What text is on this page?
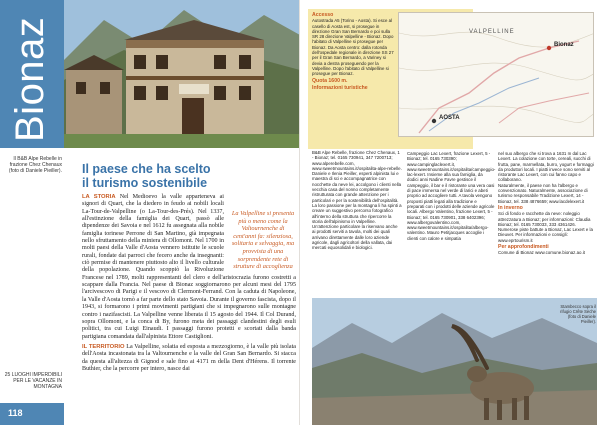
Bionaz
Il B&B Alpe Rebelle in frazione Chez Chenaux (foto di Daniele Pieiller). Il paese che ha scelto
il turismo sostenibile

La Valpelline si presenta più o meno come la Valtournenche di cent'anni fa: silenziosa, solitaria e selvaggia, ma provvista di una sorprendente rete di strutture di accoglienza
LA STORIA Nel Medioevo la valle apparteneva ai signori di Quart, che la diedero in feudo ai nobili locali La-Tour-de-Valpelline (o La-Tour-des-Prés). Nel 1337, all'estinzione della famiglia dei Quart, passò alle dipendenze dei Savoia e nel 1612 fu assegnata alla nobile famiglia torinese Perrone di San Martino, già impegnata nello sfruttamento della miniera di Ollomont. Nel 1700 in molti paesi della Valle d'Aosta vennero istituite le scuole rurali, fondate dai parroci che fecero anche da insegnanti: ciò permise di mantenere piuttosto alto il livello culturale della popolazione. Quando scoppiò la Rivoluzione Francese nel 1789, molti rappresentanti del clero e dell'aristocrazia furono costretti a scappare dalla Francia. Nel paese di Bionaz soggiornarono per alcuni mesi del 1795 l'arcivescovo di Parigi e il vescovo di Clermont-Ferrand. Con la caduta di Napoleone, la Valle d'Aosta tornò a far parte dello stato Savoia. Durante il governo fascista, dopo il 1943, si formarono i primi movimenti partigiani che si impegnarono sulle montagne contro i nazifascisti. La Valpelline venne liberata il 15 agosto del 1944. Il Col Durand, sopra Ollomont, e la conca di By, furono meta dei passaggi clandestini degli esuli politici, tra cui Luigi Einaudi. I passaggi furono protetti e scortati dalla banda partigiana comandata dall'alpinista Ettore Castiglioni.

IL TERRITORIO La Valpelline, solatia ed esposta a mezzogiorno, è la valle più isolata dell'Aosta incastonata tra la Valtournenche e la valle del Gran San Bernardo. Si stacca da questa all'altezza di Gignod e sale fino ai 4171 m della Dent d'Hérens. Il torrente Buthier, che la percorre per intero, nasce dai

25 LUOGHI IMPERDIBILI PER LE VACANZE IN MONTAGNA
118
Accesso
Autostrada A5 (Torino - Aosta). Si esce al casello di Aosta est, si prosegue in direzione Gran San Bernardo e poi sulla SR 28 direzione Valpelline - Bionaz. Dopo l'abitato di Valpelline si prosegue per Bionaz. Da Aosta centro: dalla rotonda dell'ospedale regionale in direzione SS 27 per il Gran San Bernardo, a Variney si devia a destra proseguendo per la Valpelline. Dopo l'abitato di Valpelline si prosegue per Bionaz.
Quota 1600 m.
Informazioni turistiche
VALPELLINE
Bionaz
AOSTA
B&B Alpe Rebelle, frazione Chez Chenaux, 1 - Bionaz; tel. 0165 730941, 347 7200713; www.alperebelle.com, www.sweetmountains.it/ospitalita-alpe-rebelle. Daniele e Ilenia Pieiller, esperti alpinista lui e maestra di sci e accompagnatrice con nocchette da neve lei, accolgono i clienti nella vecchia casa del nonno completamente ristrutturata con grande attenzione per i particolari e per la sostenibilità dell'ospitalità. La loro passione per la montagna li ha spinti a creare un suggestivo percorso fotografico all'interno della struttura che ripercorre la storia dell'alpinismo in Valpelline. Un'attenzione particolare la riservano anche ai prodotti serviti a tavola, molti dei quali arrivano direttamente dalle loro aziende agricole, dagli agricoltori della vallata, dai mercati equosolidali e biologici.
Campeggio Lac Lexert, frazione Lexert, 5 - Bionaz; tel. 0165 730390; www.campinglaclexert.it, www.sweetmountains.it/ospitalita/campeggio-lac-lexert. Insieme alla sua famiglia, da dodici anni Nadine Favre gestisce il campeggio, il bar e il ristorante una vera oasi di pace immersa nel verde di larici e abeti proprio ad accogliere tutti. A tavola vengono proposti piatti legati alla tradizione e preparati con i prodotti delle aziende agricole locali. Albergo Valentino, frazione Lexert, 5 - Bionaz; tel. 0165 730901, 338 6402396; www.albergovalentino.com, www.sweetmountains.it/ospitalita/albergo-valentino. Mauro Petitjacques accoglie i clienti con calore e simpatia
nel suo albergo che si trova a 1631 m dal Lac Lexert. La colazione con torte, cereali, succhi di frutta, pane, marmellata, burro, yogurt e formaggi da produttori locali. I piatti invece sono serviti al ristorante Lac Lexert, con cui fanno capo e collaborano.
Naturalmente, il paese non ha l'albergo e convenzionato. Naturalmente, associazione di turismo responsabile Tradizione Lexert, 14 - Bionaz, tel. 338 4876659; www.lacdelexert.it
In inverno
Sci di fondo e racchette da neve: noleggio attrezzatura a Bionaz; per informazioni: Claudia Bionaz; tel. 0165 730033, 333 4361426. Numerose piste battute a Bionaz, Lac Lexert e la Dieuvet. Per informazioni e consigli: www.eprtourism.it
Per approfondimenti
Comune di Bionaz www.comune.bionaz.ao.it
Stambecco sopra il rifugio Crête Sèche (foto di Daniele Pieiller).
